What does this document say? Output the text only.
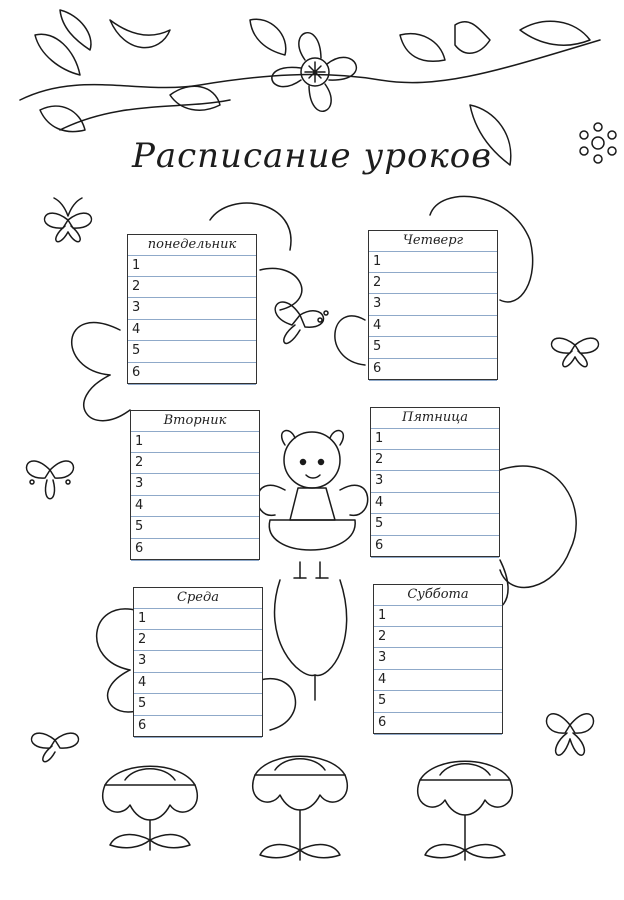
Расписание уроков
понедельник
1
2
3
4
5
6
Четверг
1
2
3
4
5
6
Вторник
1
2
3
4
5
6
Пятница
1
2
3
4
5
6
Среда
1
2
3
4
5
6
Суббота
1
2
3
4
5
6
